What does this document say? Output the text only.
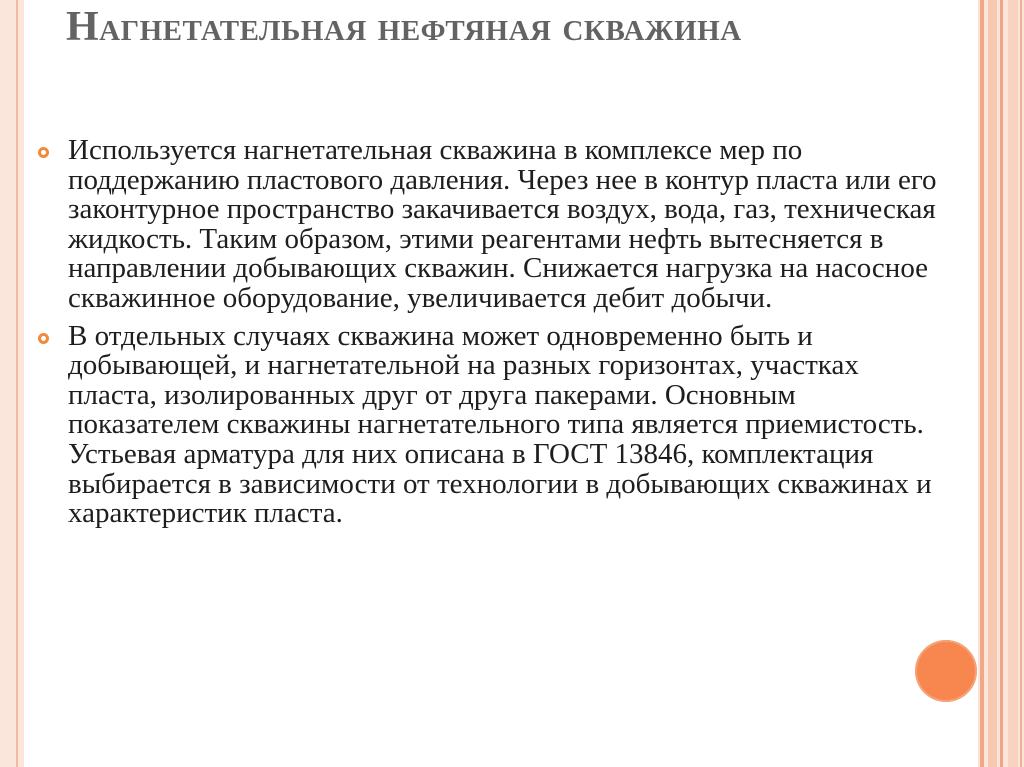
Нагнетательная нефтяная скважина
Используется нагнетательная скважина в комплексе мер по поддержанию пластового давления. Через нее в контур пласта или его законтурное пространство закачивается воздух, вода, газ, техническая жидкость. Таким образом, этими реагентами нефть вытесняется в направлении добывающих скважин. Снижается нагрузка на насосное скважинное оборудование, увеличивается дебит добычи.
В отдельных случаях скважина может одновременно быть и добывающей, и нагнетательной на разных горизонтах, участках пласта, изолированных друг от друга пакерами. Основным показателем скважины нагнетательного типа является приемистость. Устьевая арматура для них описана в ГОСТ 13846, комплектация выбирается в зависимости от технологии в добывающих скважинах и характеристик пласта.
